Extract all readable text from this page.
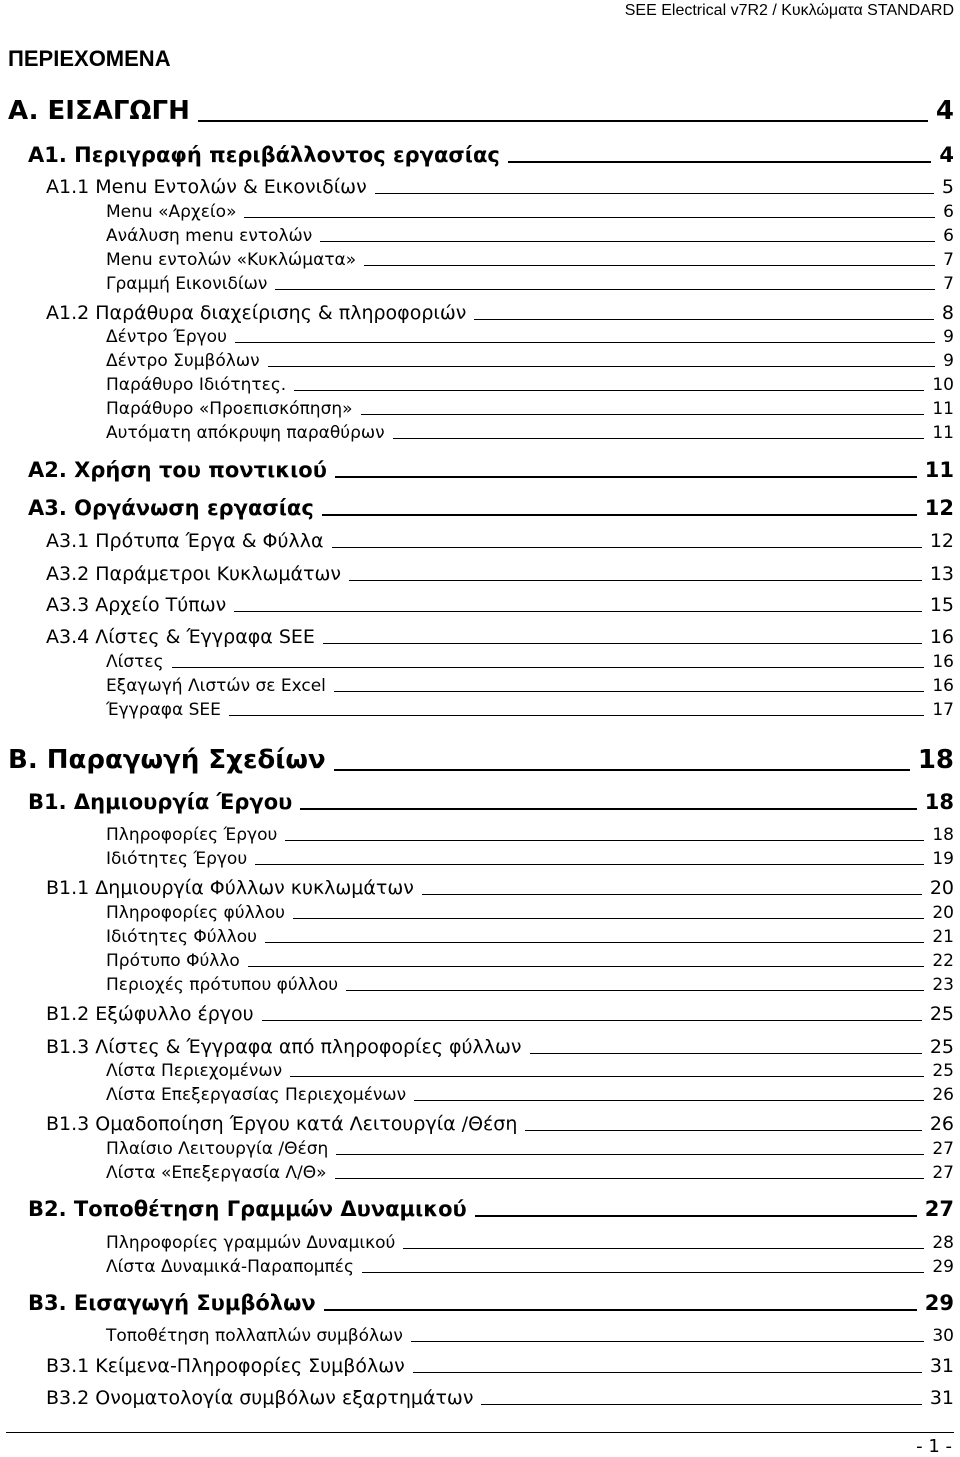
SEE Electrical v7R2 / Κυκλώματα STANDARD
ΠΕΡΙΕΧΟΜΕΝΑ
A. ΕΙΣΑΓΩΓΗ	4
A1. Περιγραφή περιβάλλοντος εργασίας	4
A1.1 Menu Εντολών & Εικονιδίων	5
Menu «Αρχείο»	6
Ανάλυση menu εντολών	6
Menu εντολών «Κυκλώματα»	7
Γραμμή Εικονιδίων	7
A1.2 Παράθυρα διαχείρισης & πληροφοριών	8
Δέντρο Έργου	9
Δέντρο Συμβόλων	9
Παράθυρο Ιδιότητες.	10
Παράθυρο «Προεπισκόπηση»	11
Αυτόματη απόκρυψη παραθύρων	11
A2. Χρήση του ποντικιού	11
A3. Οργάνωση εργασίας	12
A3.1 Πρότυπα Έργα & Φύλλα	12
A3.2 Παράμετροι Κυκλωμάτων	13
A3.3 Αρχείο Τύπων	15
A3.4 Λίστες & Έγγραφα SEE	16
Λίστες	16
Εξαγωγή Λιστών σε Excel	16
Έγγραφα SEE	17
B. Παραγωγή Σχεδίων	18
B1. Δημιουργία Έργου	18
Πληροφορίες Έργου	18
Ιδιότητες Έργου	19
B1.1 Δημιουργία Φύλλων κυκλωμάτων	20
Πληροφορίες φύλλου	20
Ιδιότητες Φύλλου	21
Πρότυπο Φύλλο	22
Περιοχές πρότυπου φύλλου	23
B1.2 Εξώφυλλο έργου	25
B1.3 Λίστες & Έγγραφα από πληροφορίες φύλλων	25
Λίστα Περιεχομένων	25
Λίστα Επεξεργασίας Περιεχομένων	26
B1.3 Ομαδοποίηση Έργου κατά Λειτουργία /Θέση	26
Πλαίσιο Λειτουργία /Θέση	27
Λίστα «Επεξεργασία Λ/Θ»	27
B2. Τοποθέτηση Γραμμών Δυναμικού	27
Πληροφορίες γραμμών Δυναμικού	28
Λίστα Δυναμικά-Παραπομπές	29
B3. Εισαγωγή Συμβόλων	29
Τοποθέτηση πολλαπλών συμβόλων	30
B3.1 Κείμενα-Πληροφορίες Συμβόλων	31
B3.2 Ονοματολογία συμβόλων εξαρτημάτων	31
- 1 -
